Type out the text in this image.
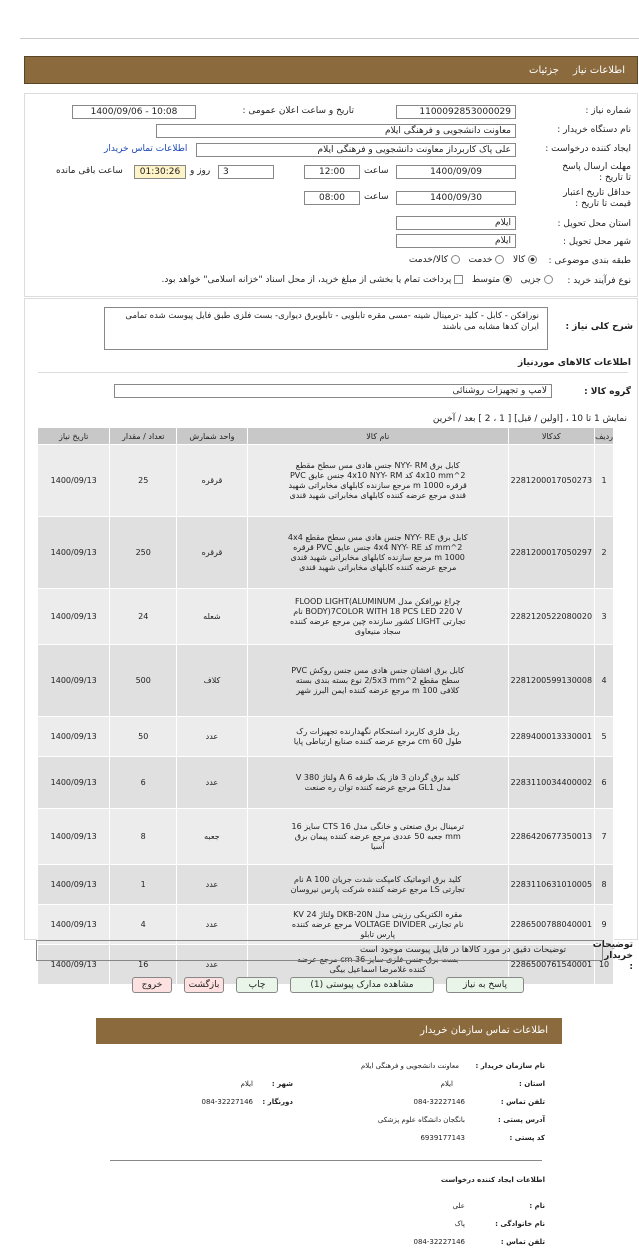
اطلاعات نیازجزئیات
شماره نیاز :
1100092853000029
تاریخ و ساعت اعلان عمومی :
1400/09/06 - 10:08
نام دستگاه خریدار :
معاونت دانشجویی و فرهنگی ایلام
ایجاد کننده درخواست :
علی پاک کاربرداز معاونت دانشجویی و فرهنگی ایلام
اطلاعات تماس خریدار
مهلت ارسال پاسخ تا تاریخ :
1400/09/09
ساعت
12:00
3
روز و
01:30:26
ساعت باقی مانده
حداقل تاریخ اعتبار قیمت تا تاریخ :
1400/09/30
ساعت
08:00
استان محل تحویل :
ایلام
شهر محل تحویل :
ایلام
طبقه بندی موضوعی :
کالا    خدمت    کالا/خدمت
نوع فرآیند خرید :
جزیی    متوسط    پرداخت تمام یا بخشی از مبلغ خرید، از محل اسناد "خزانه اسلامی" خواهد بود.
شرح کلی نیاز :
نورافکن - کابل - کلید -ترمینال شینه -مسی مقره تابلویی - تابلوبرق دیواری- بست فلزی طبق فایل پیوست شده تمامی ایران کدها مشابه می باشند
اطلاعات کالاهای موردنیاز
گروه کالا :
لامپ و تجهیزات روشنائی
نمایش 1 تا 10 ، [اولین / قبل] [ 1 ، 2 ] بعد / آخرین
ردیف	کدکالا	نام کالا	واحد شمارش	تعداد / مقدار	تاریخ نیاز
1	2281200017050273	کابل برق NYY- RM جنس هادی مس سطح مقطع 4x10 mm^2 کد 4x10 NYY- RM جنس عایق PVC قرقره 1000 m مرجع سازنده کابلهای مخابراتی شهید قندی مرجع عرضه کننده کابلهای مخابراتی شهید قندی	قرقره	25	1400/09/13
2	2281200017050297	کابل برق NYY- RE جنس هادی مس سطح مقطع 4x4 mm^2 کد 4x4 NYY- RE جنس عایق PVC قرقره 1000 m مرجع سازنده کابلهای مخابراتی شهید قندی مرجع عرضه کننده کابلهای مخابراتی شهید قندی	قرقره	250	1400/09/13
3	2282120522080020	چراغ نورافکن مدل FLOOD LIGHT(ALUMINUM BODY)7COLOR WITH 18 PCS LED 220 V نام تجارتی LIGHT کشور سازنده چین مرجع عرضه کننده سجاد منیعاوی	شعله	24	1400/09/13
4	2281200599130008	کابل برق افشان جنس هادی مس جنس روکش PVC سطح مقطع 2/5x3 mm^2 نوع بسته بندی بسته کلافی 100 m مرجع عرضه کننده ایمن البرز شهر	کلاف	500	1400/09/13
5	2289400013330001	ریل فلزی کاربرد استحکام نگهدارنده تجهیزات رک طول 60 cm مرجع عرضه کننده صنایع ارتباطی پایا	عدد	50	1400/09/13
6	2283110034400002	کلید برق گردان 3 فاز یک طرفه 6 A ولتاژ 380 V مدل GL1 مرجع عرضه کننده توان ره صنعت	عدد	6	1400/09/13
7	2286420677350013	ترمینال برق صنعتی و خانگی مدل CTS 16 سایز 16 mm جعبه 50 عددی مرجع عرضه کننده پیمان برق آسیا	جعبه	8	1400/09/13
8	2283110631010005	کلید برق اتوماتیک کامپکت شدت جریان 100 A نام تجارتی LS مرجع عرضه کننده شرکت پارس نیروسان	عدد	1	1400/09/13
9	2286500788040001	مقره الکتریکی رزینی مدل DKB-20N ولتاژ 24 KV نام تجارتی VOLTAGE DIVIDER مرجع عرضه کننده پارس تابلو	عدد	4	1400/09/13
10	2286500761540001	بست برق جنس فلزی سایز 36 cm مرجع عرضه کننده غلامرضا اسماعیل بیگی	عدد	16	1400/09/13
توضیحات خریدار :
توضیحات دقیق در مورد کالاها در فایل پیوست موجود است
پاسخ به نیاز
مشاهده مدارک پیوستی (1)
چاپ
بازگشت
خروج
اطلاعات تماس سازمان خریدار
نام سازمان خریدار :
معاونت دانشجویی و فرهنگی ایلام
استان :
ایلام
شهر :
ایلام
تلفن تماس :
084-32227146
دورنگار :
084-32227146
آدرس پستی :
بانگجان دانشگاه علوم پزشکی
کد پستی :
6939177143
اطلاعات ایجاد کننده درخواست
نام :
علی
نام خانوادگی :
پاک
تلفن تماس :
084-32227146
